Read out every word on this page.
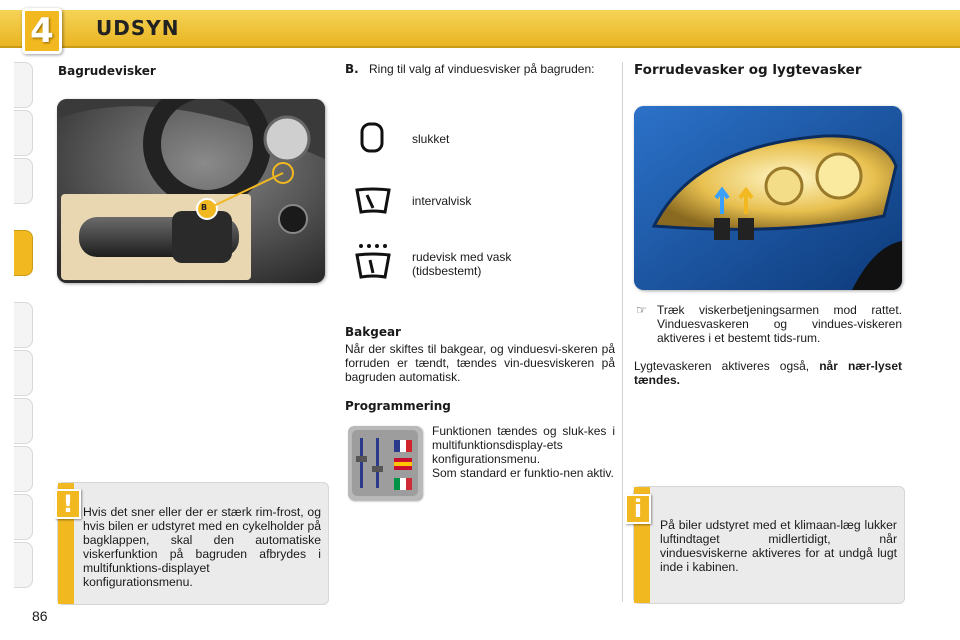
4	UDSYN
Bagrudevisker
B
! Hvis det sner eller der er stærk rim-frost, og hvis bilen er udstyret med en cykelholder på bagklappen, skal den automatiske viskerfunktion på bagruden afbrydes i multifunktions-displayet konfigurationsmenu.
B. Ring til valg af vinduesvisker på bagruden:
slukket
intervalvisk
rudevisk med vask (tidsbestemt)
Bakgear
Når der skiftes til bakgear, og vinduesvi-skeren på forruden er tændt, tændes vin-duesviskeren på bagruden automatisk.
Programmering
Funktionen tændes og sluk-kes i multifunktionsdisplay-ets konfigurationsmenu.
Som standard er funktio-nen aktiv.
Forrudevasker og lygtevasker
☞ Træk viskerbetjeningsarmen mod rattet. Vinduesvaskeren og vindues-viskeren aktiveres i et bestemt tids-rum.
Lygtevaskeren aktiveres også, når nær-lyset tændes.
i
På biler udstyret med et klimaan-læg lukker luftindtaget midlertidigt, når vinduesviskerne aktiveres for at undgå lugt inde i kabinen.
86
